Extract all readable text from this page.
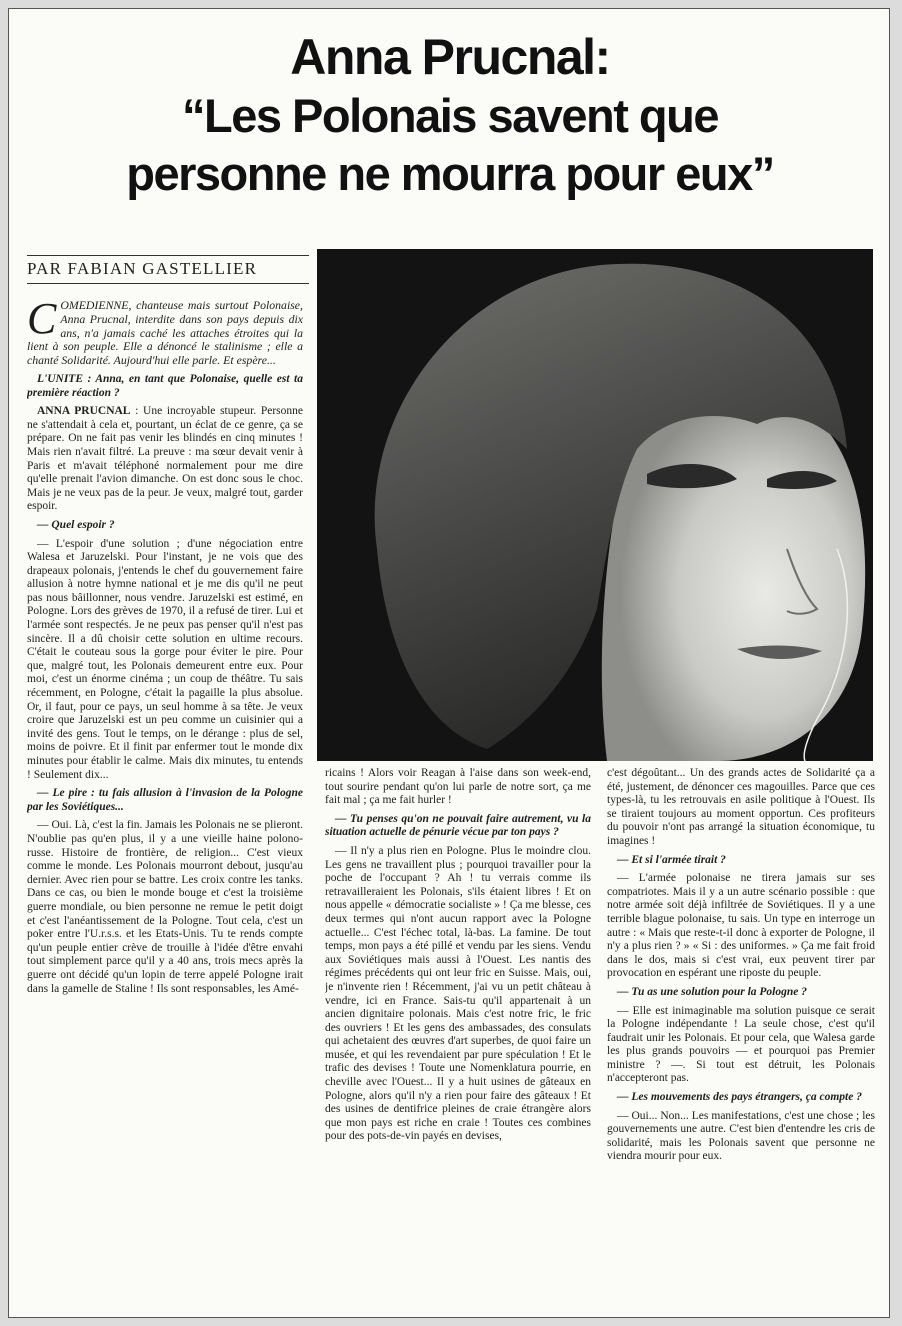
Anna Prucnal:
“Les Polonais savent que
personne ne mourra pour eux”
PAR FABIAN GASTELLIER

COMEDIENNE, chanteuse mais surtout Polonaise, Anna Prucnal, interdite dans son pays depuis dix ans, n'a jamais caché les attaches étroites qui la lient à son peuple. Elle a dénoncé le stalinisme ; elle a chanté Solidarité. Aujourd'hui elle parle. Et espère...

L'UNITE : Anna, en tant que Polonaise, quelle est ta première réaction ?

ANNA PRUCNAL : Une incroyable stupeur. Personne ne s'attendait à cela et, pourtant, un éclat de ce genre, ça se prépare. On ne fait pas venir les blindés en cinq minutes ! Mais rien n'avait filtré. La preuve : ma sœur devait venir à Paris et m'avait téléphoné normalement pour me dire qu'elle prenait l'avion dimanche. On est donc sous le choc. Mais je ne veux pas de la peur. Je veux, malgré tout, garder espoir.

— Quel espoir ?

— L'espoir d'une solution ; d'une négociation entre Walesa et Jaruzelski. Pour l'instant, je ne vois que des drapeaux polonais, j'entends le chef du gouvernement faire allusion à notre hymne national et je me dis qu'il ne peut pas nous bâillonner, nous vendre. Jaruzelski est estimé, en Pologne. Lors des grèves de 1970, il a refusé de tirer. Lui et l'armée sont respectés. Je ne peux pas penser qu'il n'est pas sincère. Il a dû choisir cette solution en ultime recours. C'était le couteau sous la gorge pour éviter le pire. Pour que, malgré tout, les Polonais demeurent entre eux. Pour moi, c'est un énorme cinéma ; un coup de théâtre. Tu sais récemment, en Pologne, c'était la pagaille la plus absolue. Or, il faut, pour ce pays, un seul homme à sa tête. Je veux croire que Jaruzelski est un peu comme un cuisinier qui a invité des gens. Tout le temps, on le dérange : plus de sel, moins de poivre. Et il finit par enfermer tout le monde dix minutes pour établir le calme. Mais dix minutes, tu entends ! Seulement dix...

— Le pire : tu fais allusion à l'invasion de la Pologne par les Soviétiques...

— Oui. Là, c'est la fin. Jamais les Polonais ne se plieront. N'oublie pas qu'en plus, il y a une vieille haine polono-russe. Histoire de frontière, de religion... C'est vieux comme le monde. Les Polonais mourront debout, jusqu'au dernier. Avec rien pour se battre. Les croix contre les tanks. Dans ce cas, ou bien le monde bouge et c'est la troisième guerre mondiale, ou bien personne ne remue le petit doigt et c'est l'anéantissement de la Pologne. Tout cela, c'est un poker entre l'U.r.s.s. et les Etats-Unis. Tu te rends compte qu'un peuple entier crève de trouille à l'idée d'être envahi tout simplement parce qu'il y a 40 ans, trois mecs après la guerre ont décidé qu'un lopin de terre appelé Pologne irait dans la gamelle de Staline ! Ils sont responsables, les Amé-

ricains ! Alors voir Reagan à l'aise dans son week-end, tout sourire pendant qu'on lui parle de notre sort, ça me fait mal ; ça me fait hurler !

— Tu penses qu'on ne pouvait faire autrement, vu la situation actuelle de pénurie vécue par ton pays ?

— Il n'y a plus rien en Pologne. Plus le moindre clou. Les gens ne travaillent plus ; pourquoi travailler pour la poche de l'occupant ? Ah ! tu verrais comme ils retravailleraient les Polonais, s'ils étaient libres ! Et on nous appelle « démocratie socialiste » ! Ça me blesse, ces deux termes qui n'ont aucun rapport avec la Pologne actuelle... C'est l'échec total, là-bas. La famine. De tout temps, mon pays a été pillé et vendu par les siens. Vendu aux Soviétiques mais aussi à l'Ouest. Les nantis des régimes précédents qui ont leur fric en Suisse. Mais, oui, je n'invente rien ! Récemment, j'ai vu un petit château à vendre, ici en France. Sais-tu qu'il appartenait à un ancien dignitaire polonais. Mais c'est notre fric, le fric des ouvriers ! Et les gens des ambassades, des consulats qui achetaient des œuvres d'art superbes, de quoi faire un musée, et qui les revendaient par pure spéculation ! Et le trafic des devises ! Toute une Nomenklatura pourrie, en cheville avec l'Ouest... Il y a huit usines de gâteaux en Pologne, alors qu'il n'y a rien pour faire des gâteaux ! Et des usines de dentifrice pleines de craie étrangère alors que mon pays est riche en craie ! Toutes ces combines pour des pots-de-vin payés en devises,

c'est dégoûtant... Un des grands actes de Solidarité ça a été, justement, de dénoncer ces magouilles. Parce que ces types-là, tu les retrouvais en asile politique à l'Ouest. Ils se tiraient toujours au moment opportun. Ces profiteurs du pouvoir n'ont pas arrangé la situation économique, tu imagines !

— Et si l'armée tirait ?

— L'armée polonaise ne tirera jamais sur ses compatriotes. Mais il y a un autre scénario possible : que notre armée soit déjà infiltrée de Soviétiques. Il y a une terrible blague polonaise, tu sais. Un type en interroge un autre : « Mais que reste-t-il donc à exporter de Pologne, il n'y a plus rien ? » « Si : des uniformes. » Ça me fait froid dans le dos, mais si c'est vrai, eux peuvent tirer par provocation en espérant une riposte du peuple.

— Tu as une solution pour la Pologne ?

— Elle est inimaginable ma solution puisque ce serait la Pologne indépendante ! La seule chose, c'est qu'il faudrait unir les Polonais. Et pour cela, que Walesa garde les plus grands pouvoirs — et pourquoi pas Premier ministre ? —. Si tout est détruit, les Polonais n'accepteront pas.

— Les mouvements des pays étrangers, ça compte ?

— Oui... Non... Les manifestations, c'est une chose ; les gouvernements une autre. C'est bien d'entendre les cris de solidarité, mais les Polonais savent que personne ne viendra mourir pour eux.
